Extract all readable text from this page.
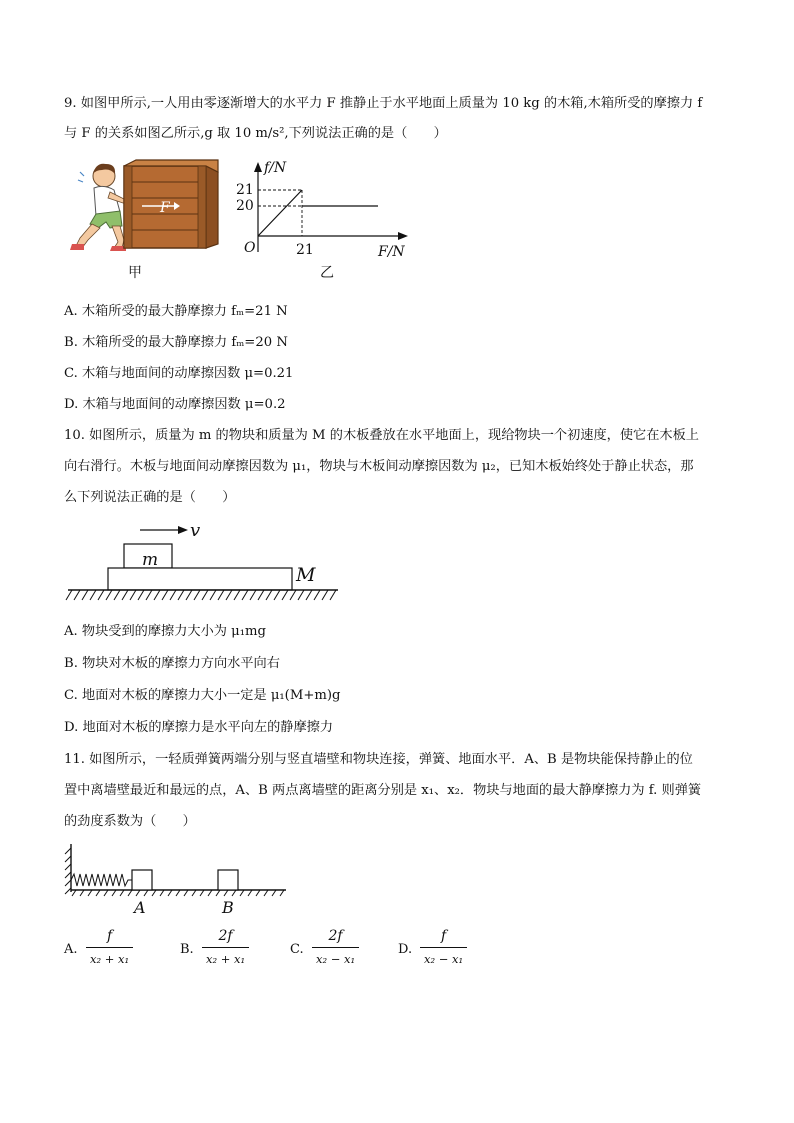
9. 如图甲所示,一人用由零逐渐增大的水平力 F 推静止于水平地面上质量为 10 kg 的木箱,木箱所受的摩擦力 f
与 F 的关系如图乙所示,g 取 10 m/s²,下列说法正确的是（　　）
F
甲
f/N
21
20
O	21	F/N
乙
A. 木箱所受的最大静摩擦力 fₘ=21 N
B. 木箱所受的最大静摩擦力 fₘ=20 N
C. 木箱与地面间的动摩擦因数 μ=0.21
D. 木箱与地面间的动摩擦因数 μ=0.2
10. 如图所示，质量为 m 的物块和质量为 M 的木板叠放在水平地面上，现给物块一个初速度，使它在木板上
向右滑行。木板与地面间动摩擦因数为 μ₁，物块与木板间动摩擦因数为 μ₂，已知木板始终处于静止状态，那
么下列说法正确的是（　　）
v
m
M
A. 物块受到的摩擦力大小为 μ₁mg
B. 物块对木板的摩擦力方向水平向右
C. 地面对木板的摩擦力大小一定是 μ₁(M+m)g
D. 地面对木板的摩擦力是水平向左的静摩擦力
11. 如图所示，一轻质弹簧两端分别与竖直墙壁和物块连接，弹簧、地面水平．A、B 是物块能保持静止的位
置中离墙壁最近和最远的点，A、B 两点离墙壁的距离分别是 x₁、x₂．物块与地面的最大静摩擦力为 f. 则弹簧
的劲度系数为（　　）
A	B
A.
f
x₂ + x₁
B.
2f
x₂ + x₁
C.
2f
x₂ − x₁
D.
f
x₂ − x₁
